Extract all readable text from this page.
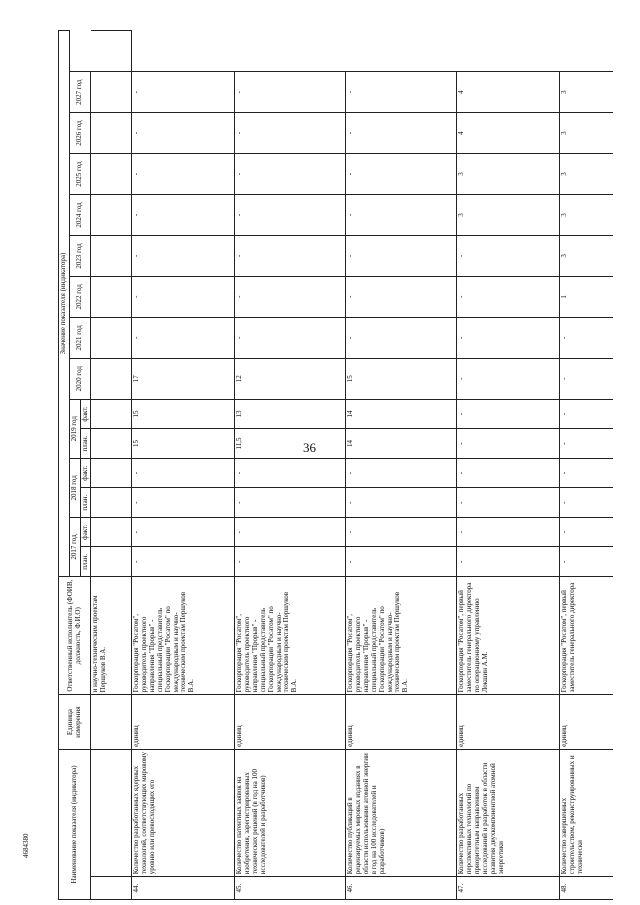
36
4684380	Наименование показателя (индикатора)		Единица измерения	Ответственный исполнитель (ФОИВ, должность, Ф.И.О)	Значение показателя (индикатора)														
				2017 год		2018 год		2019 год		2020 год	2021 год	2022 год	2023 год	2024 год	2025 год	2026 год	2027 год	
				план.	факт.	план.	факт.	план.	факт.									
			и научно-техническим проектам Першуков В.А.															
44.	Количество разработанных ядерных технологий, соответствующих мировому уровню или превосходящих его	единиц	Госкорпорация "Росатом", руководитель проектного направления "Прорыв" - специальный представитель Госкорпорации "Росатом" по международным и научно-техническим проектам Першуков В.А.	-	-	-	-	15	15	17	-	-	-	-	-	-	-	
45.	Количество патентных заявок на изобретения, зарегистрированных технических решений (в год на 100 исследователей и разработчиков)	единиц	Госкорпорация "Росатом", руководитель проектного направления "Прорыв" - специальный представитель Госкорпорации "Росатом" по международным и научно-техническим проектам Першуков В.А.	-	-	-	-	11,5	13	12	-	-	-	-	-	-	-	
46.	Количество публикаций в рецензируемых мировых изданиях в области использования атомной энергии в год на 100 исследователей и разработчиков)	единиц	Госкорпорация "Росатом", руководитель проектного направления "Прорыв" - специальный представитель Госкорпорации "Росатом" по международным и научно-техническим проектам Першуков В.А.	-	-	-	-	14	14	15	-	-	-	-	-	-	-	
47.	Количество разработанных перспективных технологий по приоритетным направлениям исследований и разработок в области развития двухкомпонентной атомной энергетики	единиц	Госкорпорация "Росатом", первый заместитель генерального директора по операционному управлению Локшин А.М.	-	-	-	-	-	-	-	-	-	-	3	3	4	4	
48.	Количество завершенных строительством, реконструированных и технически	единиц	Госкорпорация "Росатом", первый заместитель генерального директора	-	-	-	-	-	-	-	-	1	3	3	3	3	3	
